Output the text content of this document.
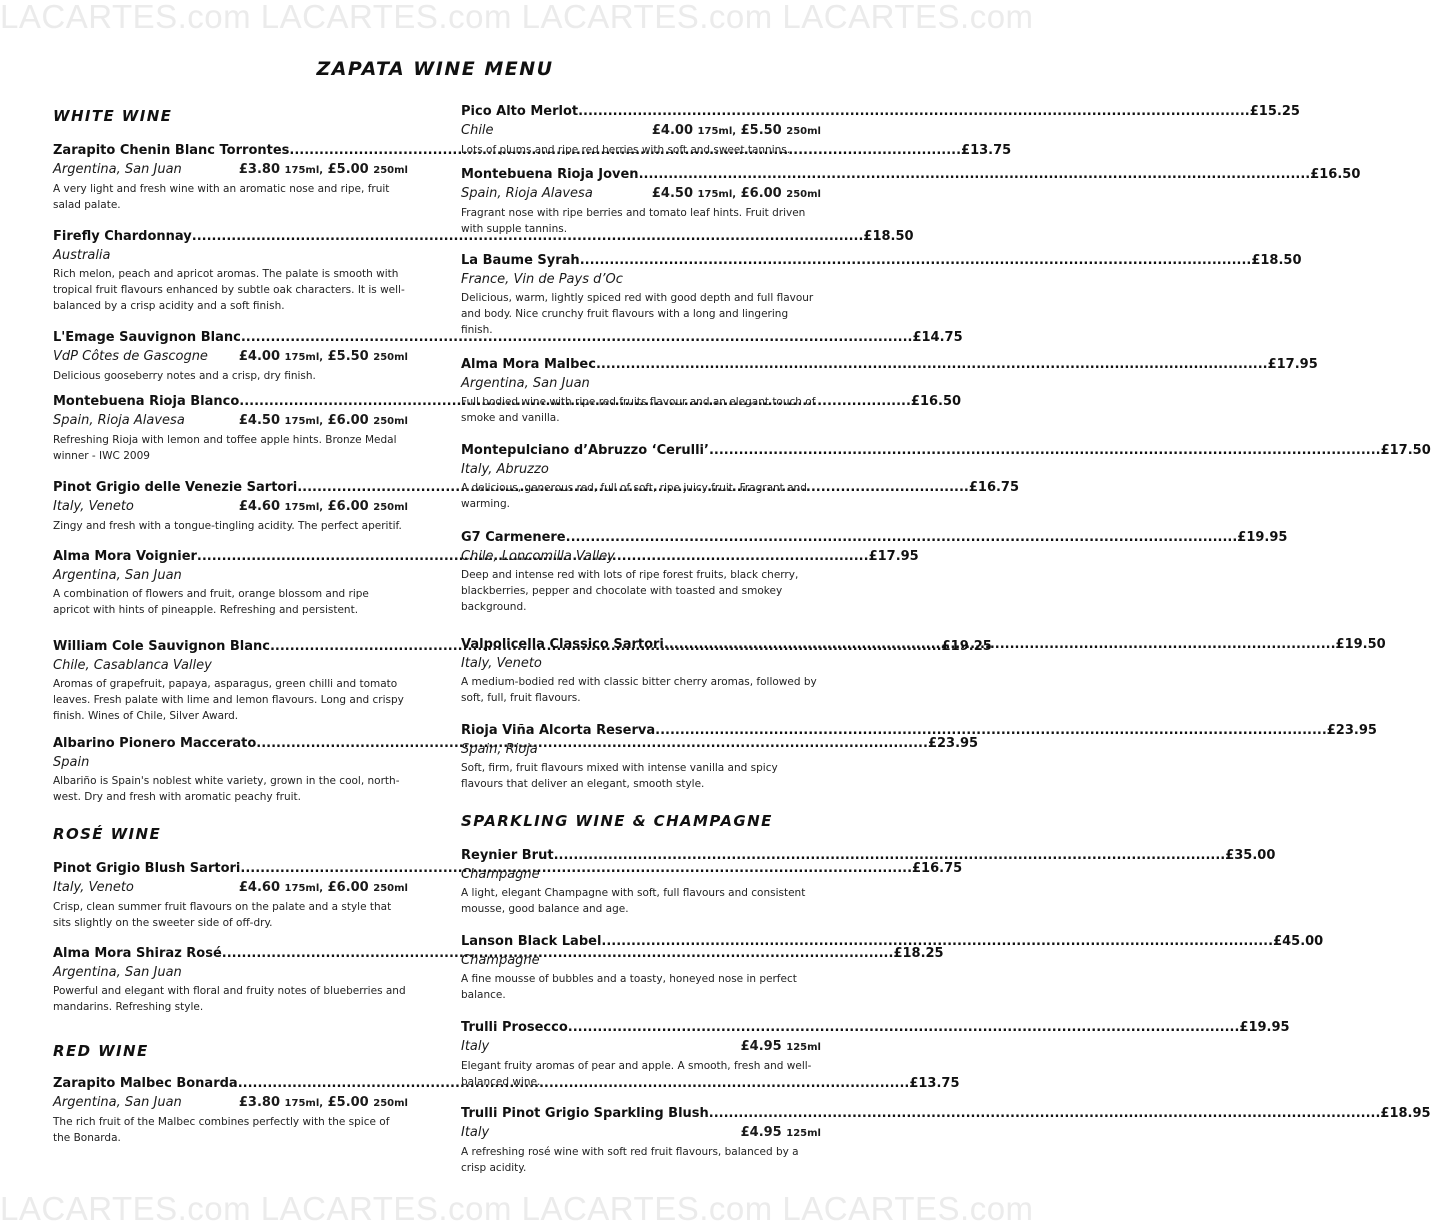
LACARTES.com LACARTES.com LACARTES.com LACARTES.com
LACARTES.com LACARTES.com LACARTES.com LACARTES.com
ZAPATA WINE MENU
WHITE WINE
Zarapito Chenin Blanc Torrontes .....	£13.75
Argentina, San Juan	£3.80 175ml, £5.00 250ml
A very light and fresh wine with an aromatic nose and ripe, fruit salad palate.
Firefly Chardonnay .....	£18.50
Australia
Rich melon, peach and apricot aromas. The palate is smooth with tropical fruit flavours enhanced by subtle oak characters. It is well-balanced by a crisp acidity and a soft finish.
L'Emage Sauvignon Blanc .....	£14.75
VdP Côtes de Gascogne £4.00 175ml, £5.50 250ml
Delicious gooseberry notes and a crisp, dry finish.
Montebuena Rioja Blanco .....	£16.50
Spain, Rioja Alavesa	£4.50 175ml, £6.00 250ml
Refreshing Rioja with lemon and toffee apple hints. Bronze Medal winner - IWC 2009
Pinot Grigio delle Venezie Sartori .....	£16.75
Italy, Veneto	£4.60 175ml, £6.00 250ml
Zingy and fresh with a tongue-tingling acidity. The perfect aperitif.
Alma Mora Voignier .....	£17.95
Argentina, San Juan
A combination of flowers and fruit, orange blossom and ripe apricot with hints of pineapple. Refreshing and persistent.
William Cole Sauvignon Blanc .....	£19.25
Chile, Casablanca Valley
Aromas of grapefruit, papaya, asparagus, green chilli and tomato leaves. Fresh palate with lime and lemon flavours. Long and crispy finish. Wines of Chile, Silver Award.
Albarino Pionero Maccerato .....	£23.95
Spain
Albariño is Spain's noblest white variety, grown in the cool, north-west. Dry and fresh with aromatic peachy fruit.
ROSÉ WINE
Pinot Grigio Blush Sartori .....	£16.75
Italy, Veneto	£4.60 175ml, £6.00 250ml
Crisp, clean summer fruit flavours on the palate and a style that sits slightly on the sweeter side of off-dry.
Alma Mora Shiraz Rosé .....	£18.25
Argentina, San Juan
Powerful and elegant with floral and fruity notes of blueberries and mandarins. Refreshing style.
RED WINE
Zarapito Malbec Bonarda .....	£13.75
Argentina, San Juan	£3.80 175ml, £5.00 250ml
The rich fruit of the Malbec combines perfectly with the spice of the Bonarda.
Pico Alto Merlot .....	£15.25
Chile	£4.00 175ml, £5.50 250ml
Lots of plums and ripe red berries with soft and sweet tannins.
Montebuena Rioja Joven .....	£16.50
Spain, Rioja Alavesa	£4.50 175ml, £6.00 250ml
Fragrant nose with ripe berries and tomato leaf hints. Fruit driven with supple tannins.
La Baume Syrah .....	£18.50
France, Vin de Pays d’Oc
Delicious, warm, lightly spiced red with good depth and full flavour and body. Nice crunchy fruit flavours with a long and lingering finish.
Alma Mora Malbec .....	£17.95
Argentina, San Juan
Full bodied wine with ripe red fruits flavour and an elegant touch of smoke and vanilla.
Montepulciano d’Abruzzo ‘Cerulli’ .....	£17.50
Italy, Abruzzo
A delicious, generous red, full of soft, ripe juicy fruit. Fragrant and warming.
G7 Carmenere .....	£19.95
Chile, Loncomilla Valley
Deep and intense red with lots of ripe forest fruits, black cherry, blackberries, pepper and chocolate with toasted and smokey background.
Valpolicella Classico Sartori .....	£19.50
Italy, Veneto
A medium-bodied red with classic bitter cherry aromas, followed by soft, full, fruit flavours.
Rioja Viña Alcorta Reserva .....	£23.95
Spain, Rioja
Soft, firm, fruit flavours mixed with intense vanilla and spicy flavours that deliver an elegant, smooth style.
SPARKLING WINE & CHAMPAGNE
Reynier Brut .....	£35.00
Champagne
A light, elegant Champagne with soft, full flavours and consistent mousse, good balance and age.
Lanson Black Label .....	£45.00
Champagne
A fine mousse of bubbles and a toasty, honeyed nose in perfect balance.
Trulli Prosecco .....	£19.95
Italy	£4.95 125ml
Elegant fruity aromas of pear and apple. A smooth, fresh and well-balanced wine.
Trulli Pinot Grigio Sparkling Blush .....	£18.95
Italy	£4.95 125ml
A refreshing rosé wine with soft red fruit flavours, balanced by a crisp acidity.
